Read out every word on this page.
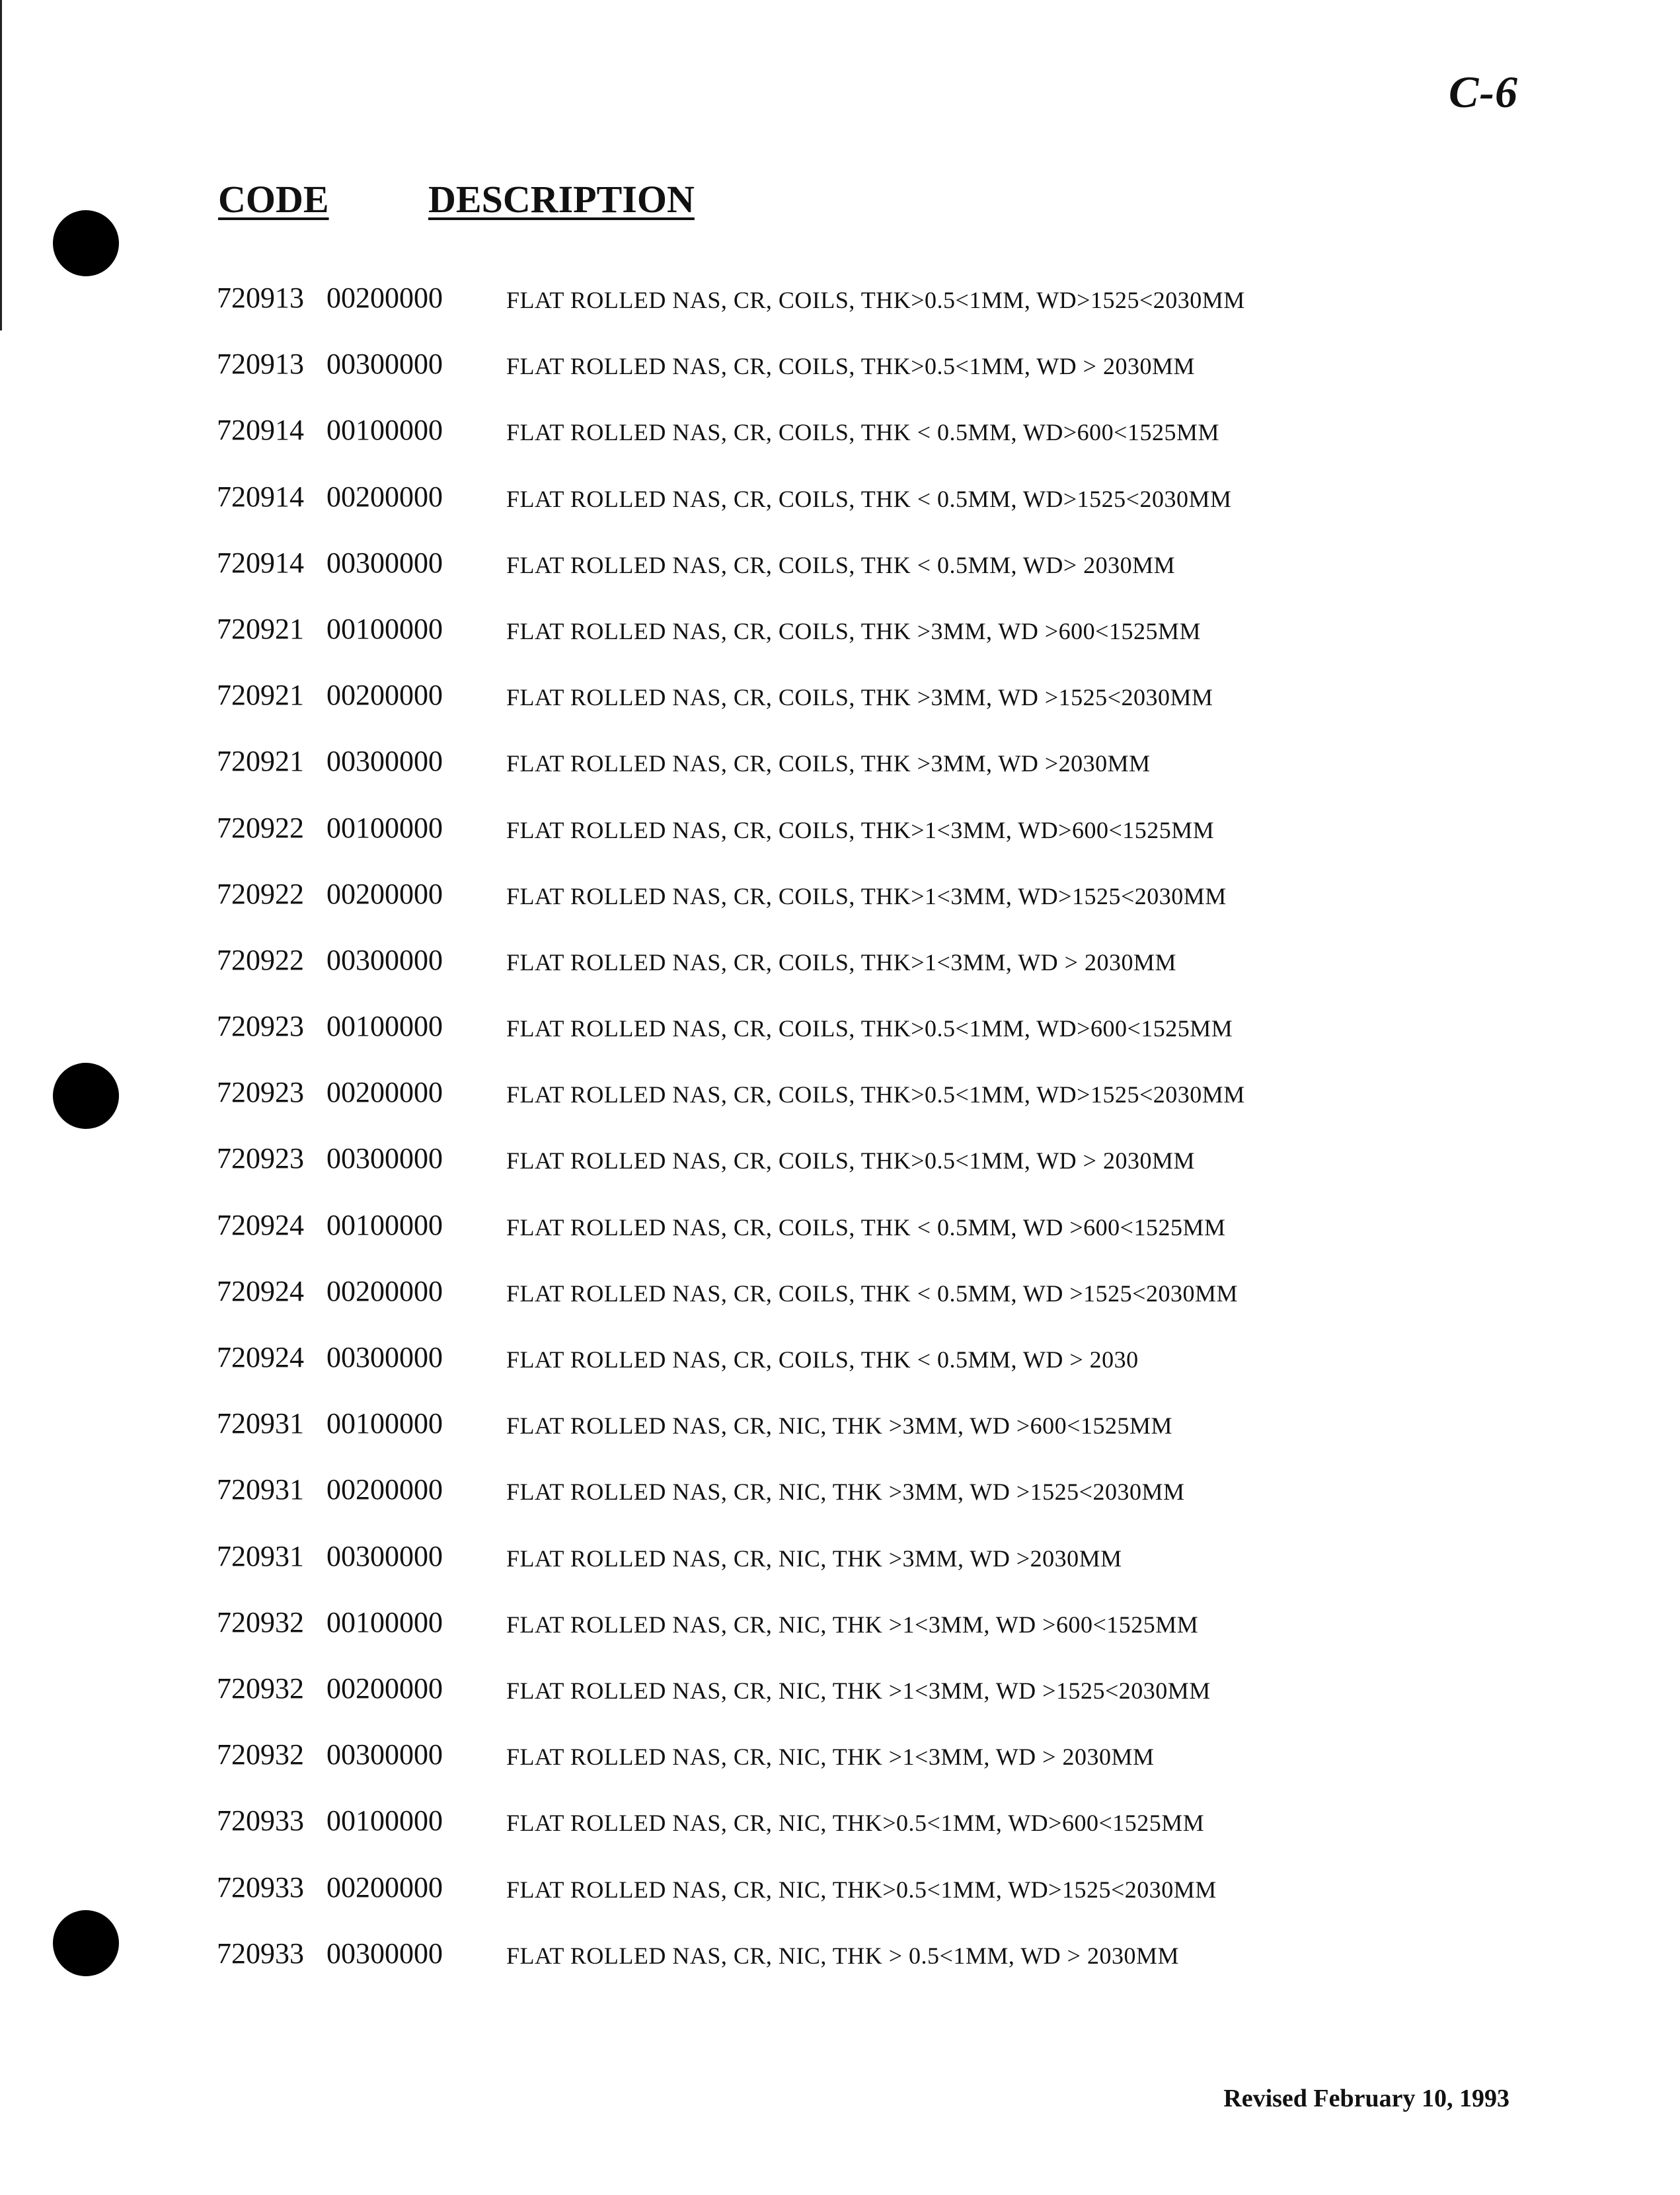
C-6
CODE	DESCRIPTION
720913 00200000	FLAT ROLLED NAS, CR, COILS, THK>0.5<1MM, WD>1525<2030MM
720913 00300000	FLAT ROLLED NAS, CR, COILS, THK>0.5<1MM, WD > 2030MM
720914 00100000	FLAT ROLLED NAS, CR, COILS, THK < 0.5MM, WD>600<1525MM
720914 00200000	FLAT ROLLED NAS, CR, COILS, THK < 0.5MM, WD>1525<2030MM
720914 00300000	FLAT ROLLED NAS, CR, COILS, THK < 0.5MM, WD> 2030MM
720921 00100000	FLAT ROLLED NAS, CR, COILS, THK >3MM, WD >600<1525MM
720921 00200000	FLAT ROLLED NAS, CR, COILS, THK >3MM, WD >1525<2030MM
720921 00300000	FLAT ROLLED NAS, CR, COILS, THK >3MM, WD >2030MM
720922 00100000	FLAT ROLLED NAS, CR, COILS, THK>1<3MM, WD>600<1525MM
720922 00200000	FLAT ROLLED NAS, CR, COILS, THK>1<3MM, WD>1525<2030MM
720922 00300000	FLAT ROLLED NAS, CR, COILS, THK>1<3MM, WD > 2030MM
720923 00100000	FLAT ROLLED NAS, CR, COILS, THK>0.5<1MM, WD>600<1525MM
720923 00200000	FLAT ROLLED NAS, CR, COILS, THK>0.5<1MM, WD>1525<2030MM
720923 00300000	FLAT ROLLED NAS, CR, COILS, THK>0.5<1MM, WD > 2030MM
720924 00100000	FLAT ROLLED NAS, CR, COILS, THK < 0.5MM, WD >600<1525MM
720924 00200000	FLAT ROLLED NAS, CR, COILS, THK < 0.5MM, WD >1525<2030MM
720924 00300000	FLAT ROLLED NAS, CR, COILS, THK < 0.5MM, WD > 2030
720931 00100000	FLAT ROLLED NAS, CR, NIC, THK >3MM, WD >600<1525MM
720931 00200000	FLAT ROLLED NAS, CR, NIC, THK >3MM, WD >1525<2030MM
720931 00300000	FLAT ROLLED NAS, CR, NIC, THK >3MM, WD >2030MM
720932 00100000	FLAT ROLLED NAS, CR, NIC, THK >1<3MM, WD >600<1525MM
720932 00200000	FLAT ROLLED NAS, CR, NIC, THK >1<3MM, WD >1525<2030MM
720932 00300000	FLAT ROLLED NAS, CR, NIC, THK >1<3MM, WD > 2030MM
720933 00100000	FLAT ROLLED NAS, CR, NIC, THK>0.5<1MM, WD>600<1525MM
720933 00200000	FLAT ROLLED NAS, CR, NIC, THK>0.5<1MM, WD>1525<2030MM
720933 00300000	FLAT ROLLED NAS, CR, NIC, THK > 0.5<1MM, WD > 2030MM
Revised February 10, 1993
